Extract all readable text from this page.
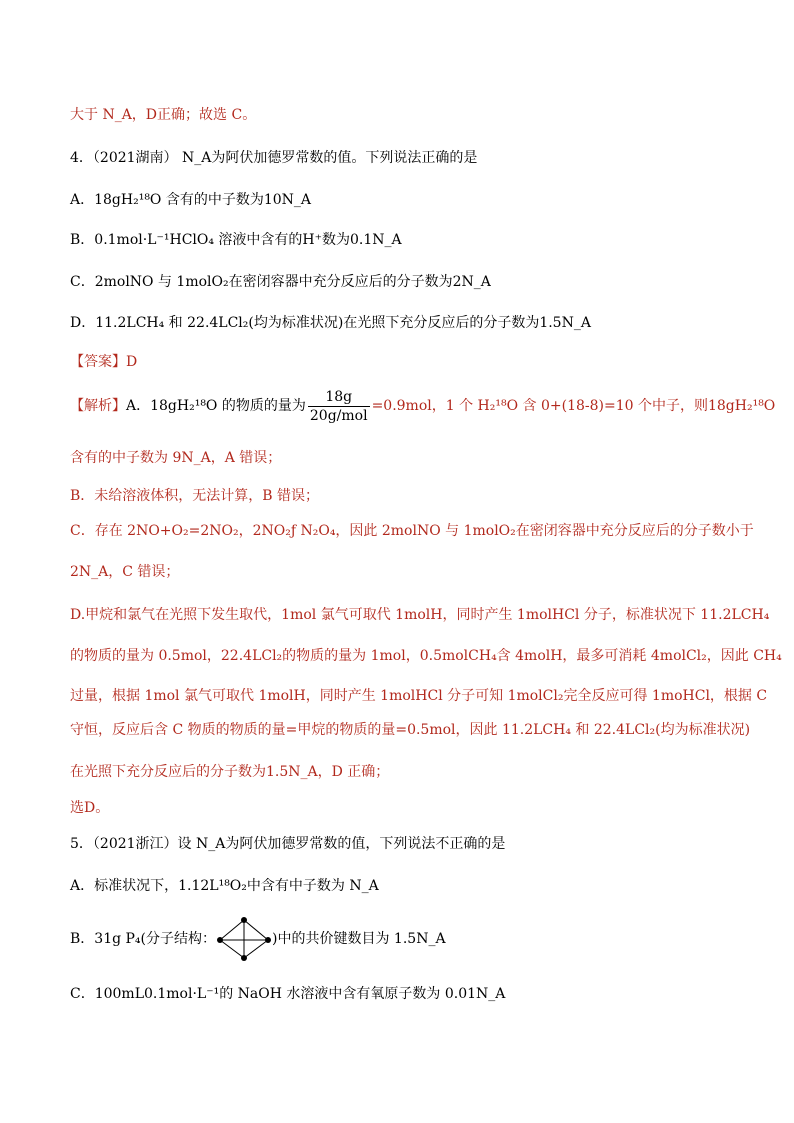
大于 N_A，D正确；故选 C。
4．（2021湖南） N_A为阿伏加德罗常数的值。下列说法正确的是
A．18gH₂¹⁸O 含有的中子数为10N_A
B．0.1mol·L⁻¹HClO₄ 溶液中含有的H⁺数为0.1N_A
C．2molNO 与 1molO₂在密闭容器中充分反应后的分子数为2N_A
D．11.2LCH₄ 和 22.4LCl₂(均为标准状况)在光照下充分反应后的分子数为1.5N_A
【答案】D
【解析】A．18gH₂¹⁸O 的物质的量为 $\frac{18g}{\text{20g/mol}} =0.9mol$，1 个 H₂¹⁸O 含 0+(18-8)=10 个中子，则18gH₂¹⁸O
含有的中子数为 9N_A，A 错误；
B．未给溶液体积，无法计算，B 错误；
C．存在 2NO+O₂=2NO₂，2NO₂ƒ N₂O₄，因此 2molNO 与 1molO₂在密闭容器中充分反应后的分子数小于
2N_A，C 错误；
D.甲烷和氯气在光照下发生取代，1mol 氯气可取代 1molH，同时产生 1molHCl 分子，标准状况下 11.2LCH₄
的物质的量为 0.5mol，22.4LCl₂的物质的量为 1mol，0.5molCH₄含 4molH，最多可消耗 4molCl₂，因此 CH₄
过量，根据 1mol 氯气可取代 1molH，同时产生 1molHCl 分子可知 1molCl₂完全反应可得 1moHCl，根据 C
守恒，反应后含 C 物质的物质的量=甲烷的物质的量=0.5mol，因此 11.2LCH₄ 和 22.4LCl₂(均为标准状况)
在光照下充分反应后的分子数为1.5N_A，D 正确；
选D。
5．（2021浙江）设 N_A为阿伏加德罗常数的值，下列说法不正确的是
A．标准状况下，1.12L¹⁸O₂中含有中子数为 N_A
B．31g P₄(分子结构：	)中的共价键数目为 1.5N_A
C．100mL0.1mol·L⁻¹的 NaOH 水溶液中含有氧原子数为 0.01N_A
